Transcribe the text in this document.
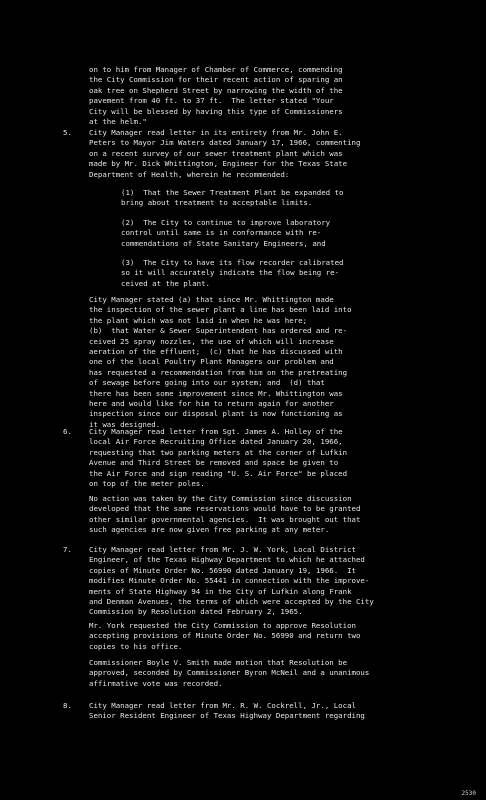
on to him from Manager of Chamber of Commerce, commending
the City Commission for their recent action of sparing an
oak tree on Shepherd Street by narrowing the width of the
pavement from 40 ft. to 37 ft.  The letter stated "Your
City will be blessed by having this type of Commissioners
at the helm."
5. City Manager read letter in its entirety from Mr. John E.
Peters to Mayor Jim Waters dated January 17, 1966, commenting
on a recent survey of our sewer treatment plant which was
made by Mr. Dick Whittington, Engineer for the Texas State
Department of Health, wherein he recommended:
(1)  That the Sewer Treatment Plant be expanded to
bring about treatment to acceptable limits.
(2)  The City to continue to improve laboratory
control until same is in conformance with re-
commendations of State Sanitary Engineers, and
(3)  The City to have its flow recorder calibrated
so it will accurately indicate the flow being re-
ceived at the plant.
City Manager stated (a) that since Mr. Whittington made
the inspection of the sewer plant a line has been laid into
the plant which was not laid in when he was here;
(b)  that Water & Sewer Superintendent has ordered and re-
ceived 25 spray nozzles, the use of which will increase
aeration of the effluent;  (c) that he has discussed with
one of the local Poultry Plant Managers our problem and
has requested a recommendation from him on the pretreating
of sewage before going into our system; and  (d) that
there has been some improvement since Mr. Whittington was
here and would like for him to return again for another
inspection since our disposal plant is now functioning as
it was designed.
6. City Manager read letter from Sgt. James A. Holley of the
local Air Force Recruiting Office dated January 20, 1966,
requesting that two parking meters at the corner of Lufkin
Avenue and Third Street be removed and space be given to
the Air Force and sign reading "U. S. Air Force" be placed
on top of the meter poles.
No action was taken by the City Commission since discussion
developed that the same reservations would have to be granted
other similar governmental agencies.  It was brought out that
such agencies are now given free parking at any meter.
7. City Manager read letter from Mr. J. W. York, Local District
Engineer, of the Texas Highway Department to which he attached
copies of Minute Order No. 56990 dated January 19, 1966.  It
modifies Minute Order No. 55441 in connection with the improve-
ments of State Highway 94 in the City of Lufkin along Frank
and Denman Avenues, the terms of which were accepted by the City
Commission by Resolution dated February 2, 1965.
Mr. York requested the City Commission to approve Resolution
accepting provisions of Minute Order No. 56990 and return two
copies to his office.
Commissioner Boyle V. Smith made motion that Resolution be
approved, seconded by Commissioner Byron McNeil and a unanimous
affirmative vote was recorded.
8. City Manager read letter from Mr. R. W. Cockrell, Jr., Local
Senior Resident Engineer of Texas Highway Department regarding
2530
